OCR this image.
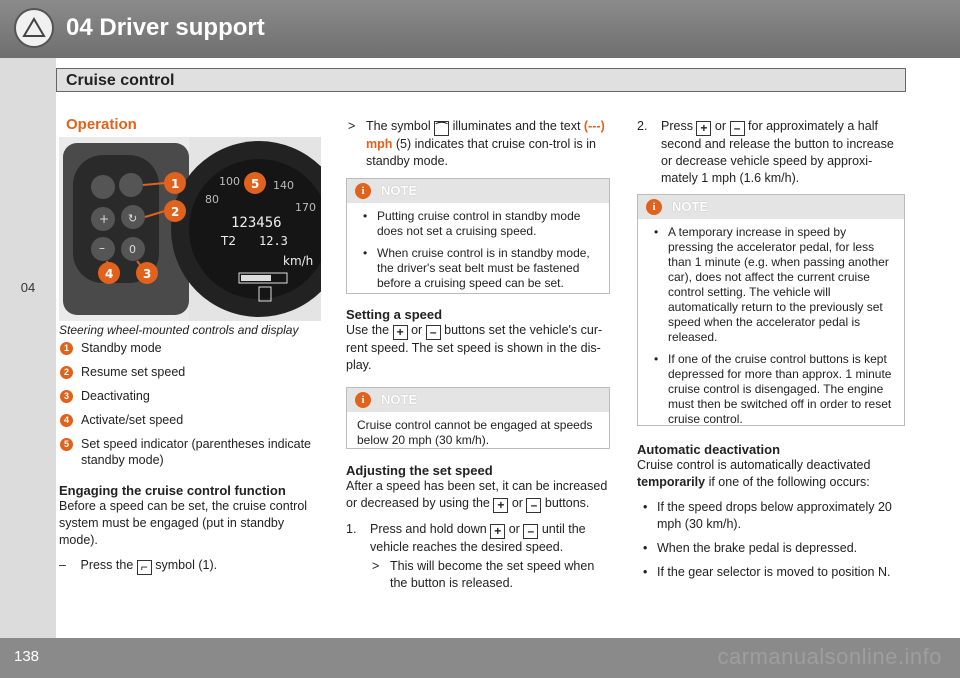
04 Driver support
04
Cruise control
Operation
+
– 0
↻
80
100	140
170
123456
T2 12.3
km/h
1
2
3
4
5
Steering wheel-mounted controls and display
1 Standby mode
2 Resume set speed
3 Deactivating
4 Activate/set speed
5 Set speed indicator (parentheses indicate standby mode)

Engaging the cruise control function

Before a speed can be set, the cruise control system must be engaged (put in standby mode).

– Press the ⌐ symbol (1).

> The symbol ⌒ illuminates and the text (---) mph (5) indicates that cruise con-trol is in standby mode.

i	NOTE
• Putting cruise control in standby mode does not set a cruising speed.
• When cruise control is in standby mode, the driver's seat belt must be fastened before a cruising speed can be set.

Setting a speed

Use the + or – buttons set the vehicle's cur-rent speed. The set speed is shown in the dis-play.

i	NOTE
Cruise control cannot be engaged at speeds below 20 mph (30 km/h).

Adjusting the set speed

After a speed has been set, it can be increased or decreased by using the + or – buttons.

1. Press and hold down + or – until the vehicle reaches the desired speed.

> This will become the set speed when the button is released.

2. Press + or – for approximately a half second and release the button to increase or decrease vehicle speed by approxi-mately 1 mph (1.6 km/h).

i	NOTE
• A temporary increase in speed by pressing the accelerator pedal, for less than 1 minute (e.g. when passing another car), does not affect the current cruise control setting. The vehicle will automatically return to the previously set speed when the accelerator pedal is released.
• If one of the cruise control buttons is kept depressed for more than approx. 1 minute cruise control is disengaged. The engine must then be switched off in order to reset cruise control.

Automatic deactivation

Cruise control is automatically deactivated temporarily if one of the following occurs:

• If the speed drops below approximately 20 mph (30 km/h).
• When the brake pedal is depressed.
• If the gear selector is moved to position N.
138	carmanualsonline.info
